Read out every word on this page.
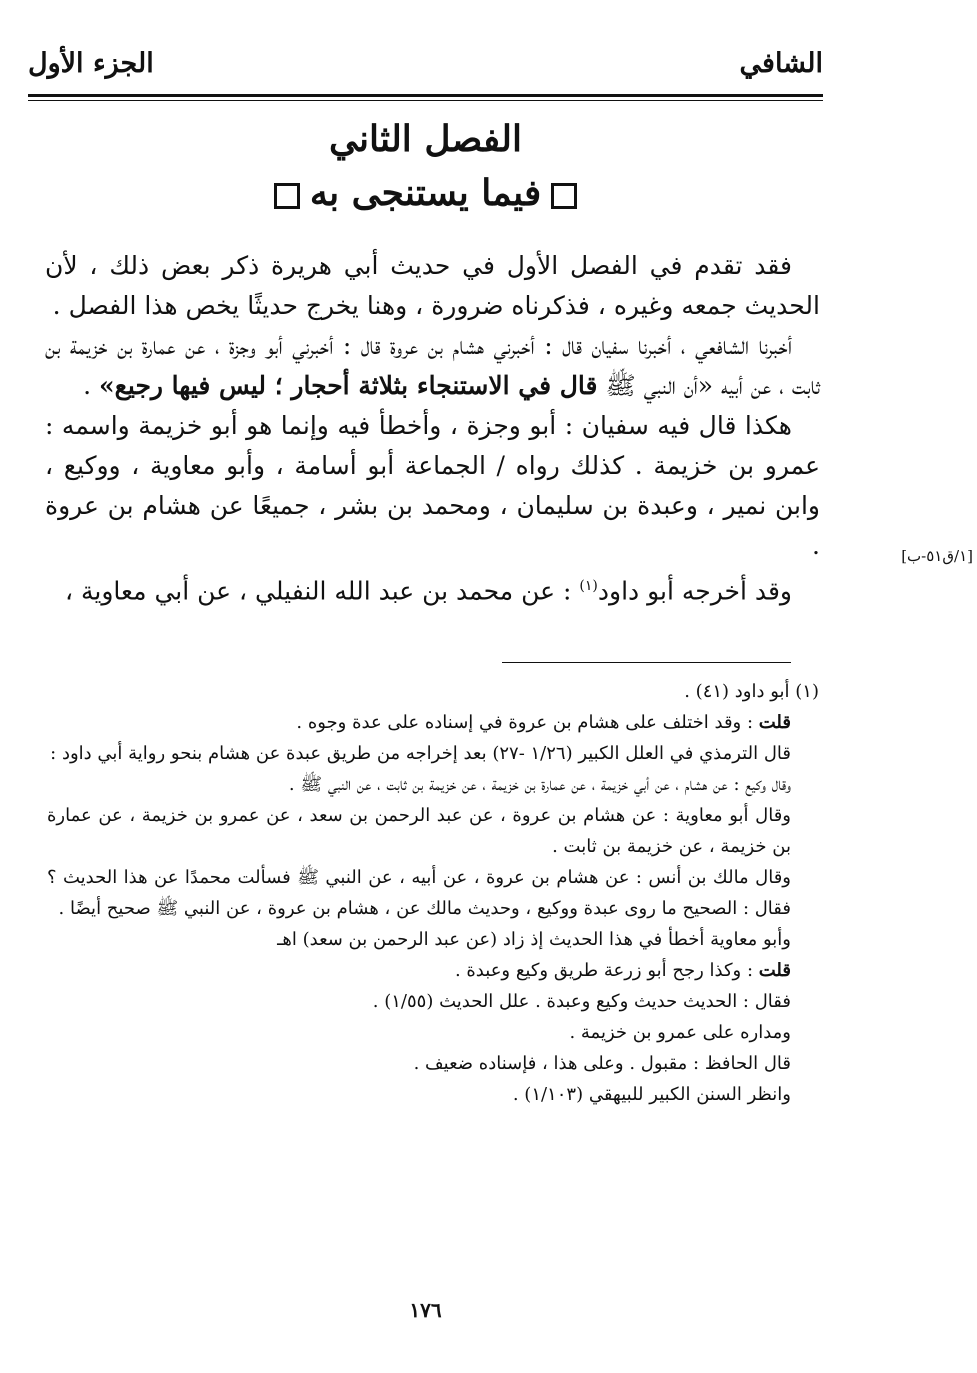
الشافي
الجزء الأول
الفصل الثاني
فيما يستنجى به

فقد تقدم في الفصل الأول في حديث أبي هريرة ذكر بعض ذلك ، لأن الحديث جمعه وغيره ، فذكرناه ضرورة ، وهنا يخرج حديثًا يخص هذا الفصل .

أخبرنا الشافعي ، أخبرنا سفيان قال : أخبرني هشام بن عروة قال : أخبرني أبو وجزة ، عن عمارة بن خزيمة بن ثابت ، عن أبيه «أن النبي ﷺ قال في الاستنجاء بثلاثة أحجار ؛ ليس فيها رجيع» .

هكذا قال فيه سفيان : أبو وجزة ، وأخطأ فيه وإنما هو أبو خزيمة واسمه : عمرو بن خزيمة . كذلك رواه / الجماعة أبو أسامة ، وأبو معاوية ، ووكيع ، وابن نمير ، وعبدة بن سليمان ، ومحمد بن بشر ، جميعًا عن هشام بن عروة .

وقد أخرجه أبو داود$^{(١)}$ : عن محمد بن عبد الله النفيلي ، عن أبي معاوية ،

[١/ق٥١-ب]

(١) أبو داود (٤١) .

قلت : وقد اختلف على هشام بن عروة في إسناده على عدة وجوه .

قال الترمذي في العلل الكبير (١/٢٦ -٢٧) بعد إخراجه من طريق عبدة عن هشام بنحو رواية أبي داود :

وقال وكيع : عن هشام ، عن أبي خزيمة ، عن عمارة بن خزيمة ، عن خزيمة بن ثابت ، عن النبي ﷺ .

وقال أبو معاوية : عن هشام بن عروة ، عن عبد الرحمن بن سعد ، عن عمرو بن خزيمة ، عن عمارة بن خزيمة ، عن خزيمة بن ثابت .

وقال مالك بن أنس : عن هشام بن عروة ، عن أبيه ، عن النبي ﷺ فسألت محمدًا عن هذا الحديث ؟ فقال : الصحيح ما روى عبدة ووكيع ، وحديث مالك عن ، هشام بن عروة ، عن النبي ﷺ صحيح أيضًا .

وأبو معاوية أخطأ في هذا الحديث إذ زاد (عن عبد الرحمن بن سعد) اهـ

قلت : وكذا رجح أبو زرعة طريق وكيع وعبدة .

فقال : الحديث حديث وكيع وعبدة . علل الحديث (١/٥٥) .

ومداره على عمرو بن خزيمة .

قال الحافظ : مقبول . وعلى هذا ، فإسناده ضعيف .

وانظر السنن الكبير للبيهقي (١/١٠٣) .

١٧٦
